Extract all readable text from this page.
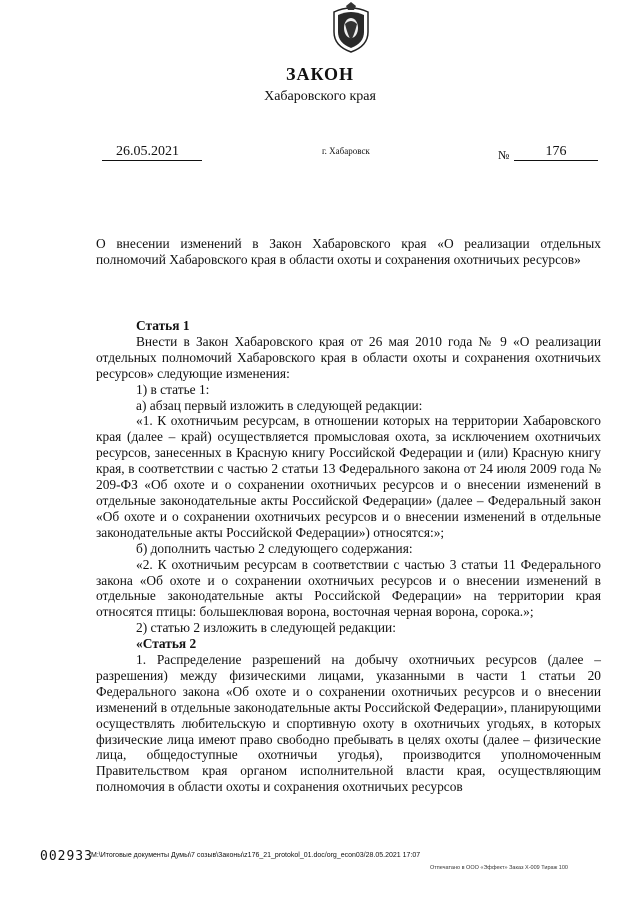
ЗАКОН
Хабаровского края
26.05.2021	г. Хабаровск	№	176
О внесении изменений в Закон Хабаровского края «О реализации отдельных полномочий Хабаровского края в области охоты и сохранения охотничьих ресурсов»

Статья 1

Внести в Закон Хабаровского края от 26 мая 2010 года № 9 «О реализации отдельных полномочий Хабаровского края в области охоты и сохранения охотничьих ресурсов» следующие изменения:

1) в статье 1:

а) абзац первый изложить в следующей редакции:

«1. К охотничьим ресурсам, в отношении которых на территории Хабаровского края (далее – край) осуществляется промысловая охота, за исключением охотничьих ресурсов, занесенных в Красную книгу Российской Федерации и (или) Красную книгу края, в соответствии с частью 2 статьи 13 Федерального закона от 24 июля 2009 года № 209-ФЗ «Об охоте и о сохранении охотничьих ресурсов и о внесении изменений в отдельные законодательные акты Российской Федерации» (далее – Федеральный закон «Об охоте и о сохранении охотничьих ресурсов и о внесении изменений в отдельные законодательные акты Российской Федерации») относятся:»;

б) дополнить частью 2 следующего содержания:

«2. К охотничьим ресурсам в соответствии с частью 3 статьи 11 Федерального закона «Об охоте и о сохранении охотничьих ресурсов и о внесении изменений в отдельные законодательные акты Российской Федерации» на территории края относятся птицы: большеклювая ворона, восточная черная ворона, сорока.»;

2) статью 2 изложить в следующей редакции:

«Статья 2

1. Распределение разрешений на добычу охотничьих ресурсов (далее – разрешения) между физическими лицами, указанными в части 1 статьи 20 Федерального закона «Об охоте и о сохранении охотничьих ресурсов и о внесении изменений в отдельные законодательные акты Российской Федерации», планирующими осуществлять любительскую и спортивную охоту в охотничьих угодьях, в которых физические лица имеют право свободно пребывать в целях охоты (далее – физические лица, общедоступные охотничьи угодья), производится уполномоченным Правительством края органом исполнительной власти края, осуществляющим полномочия в области охоты и сохранения охотничьих ресурсов

002933
M:\Итоговые документы Думы\7 созыв\Законы\z176_21_protokol_01.doc/org_econ03/28.05.2021 17:07
Отпечатано в ООО «Эффект» Заказ Х-009 Тираж 100
